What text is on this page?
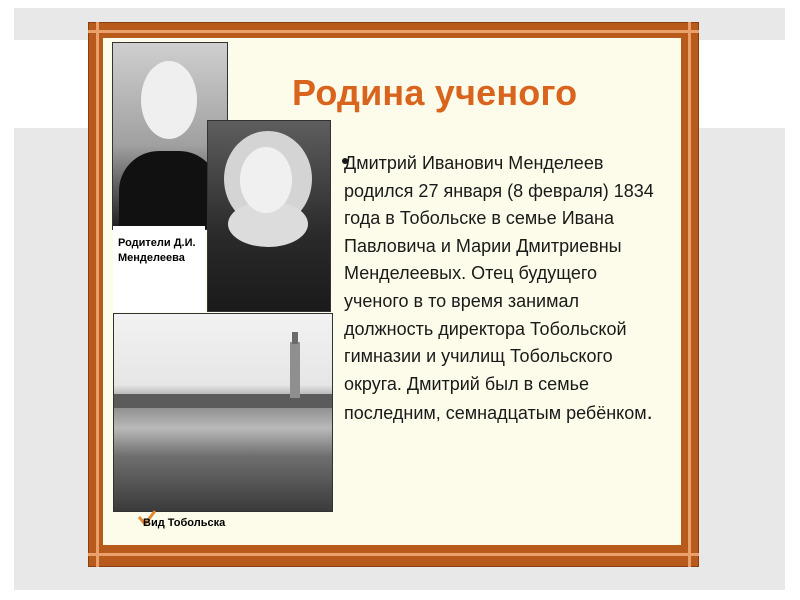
Родина ученого

Родители Д.И. Менделеева

Дмитрий Иванович Менделеев родился 27 января (8 февраля) 1834 года в Тобольске в семье Ивана Павловича и Марии Дмитриевны Менделеевых. Отец будущего ученого в то время занимал должность директора Тобольской гимназии и училищ Тобольского округа. Дмитрий был в семье последним, семнадцатым ребёнком.

Вид Тобольска
